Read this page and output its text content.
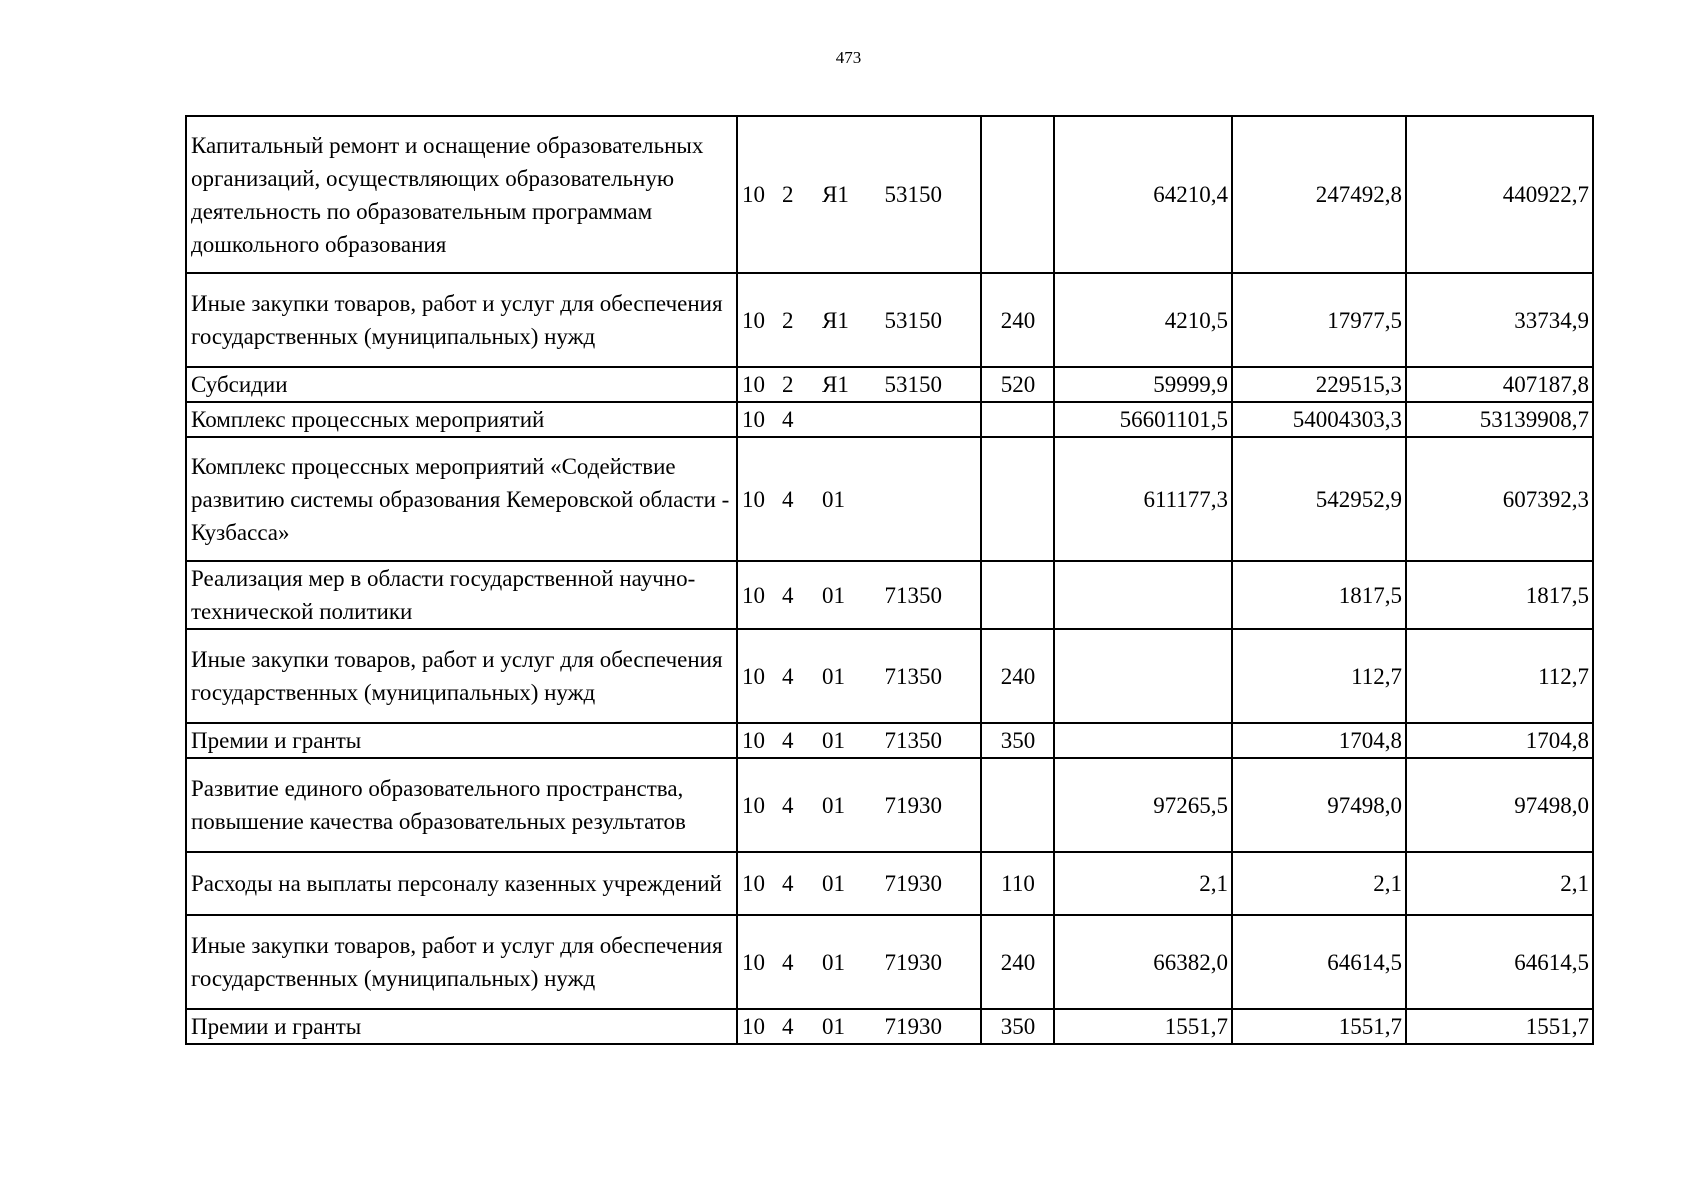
473
Капитальный ремонт и оснащение образовательных организаций, осуществляющих образовательную деятельность по образовательным программам дошкольного образования	10 2 Я1 53150		64210,4	247492,8	440922,7
Иные закупки товаров, работ и услуг для обеспечения государственных (муниципальных) нужд	10 2 Я1 53150	240	4210,5	17977,5	33734,9
Субсидии	10 2 Я1 53150	520	59999,9	229515,3	407187,8
Комплекс процессных мероприятий	10 4		56601101,5	54004303,3	53139908,7
Комплекс процессных мероприятий «Содействие развитию системы образования Кемеровской области - Кузбасса»	10 4 01		611177,3	542952,9	607392,3
Реализация мер в области государственной научно-технической политики	10 4 01 71350			1817,5	1817,5
Иные закупки товаров, работ и услуг для обеспечения государственных (муниципальных) нужд	10 4 01 71350	240		112,7	112,7
Премии и гранты	10 4 01 71350	350		1704,8	1704,8
Развитие единого образовательного пространства, повышение качества образовательных результатов	10 4 01 71930		97265,5	97498,0	97498,0
Расходы на выплаты персоналу казенных учреждений	10 4 01 71930	110	2,1	2,1	2,1
Иные закупки товаров, работ и услуг для обеспечения государственных (муниципальных) нужд	10 4 01 71930	240	66382,0	64614,5	64614,5
Премии и гранты	10 4 01 71930	350	1551,7	1551,7	1551,7
